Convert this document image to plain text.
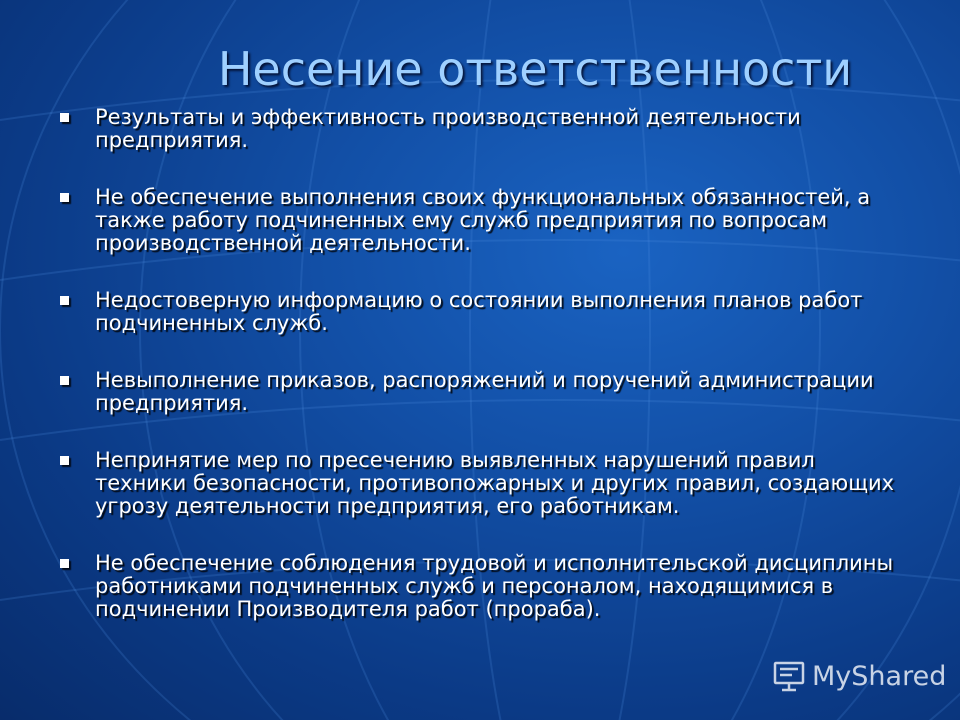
Несение ответственности
Результаты и эффективность производственной деятельности предприятия.
Не обеспечение выполнения своих функциональных обязанностей, а также работу подчиненных ему служб предприятия по вопросам производственной деятельности.
Недостоверную информацию о состоянии выполнения планов работ подчиненных служб.
Невыполнение приказов, распоряжений и поручений администрации предприятия.
Непринятие мер по пресечению выявленных нарушений правил техники безопасности, противопожарных и других правил, создающих угрозу деятельности предприятия, его работникам.
Не обеспечение соблюдения трудовой и исполнительской дисциплины работниками подчиненных служб и персоналом, находящимися в подчинении Производителя работ (прораба).
MyShared
